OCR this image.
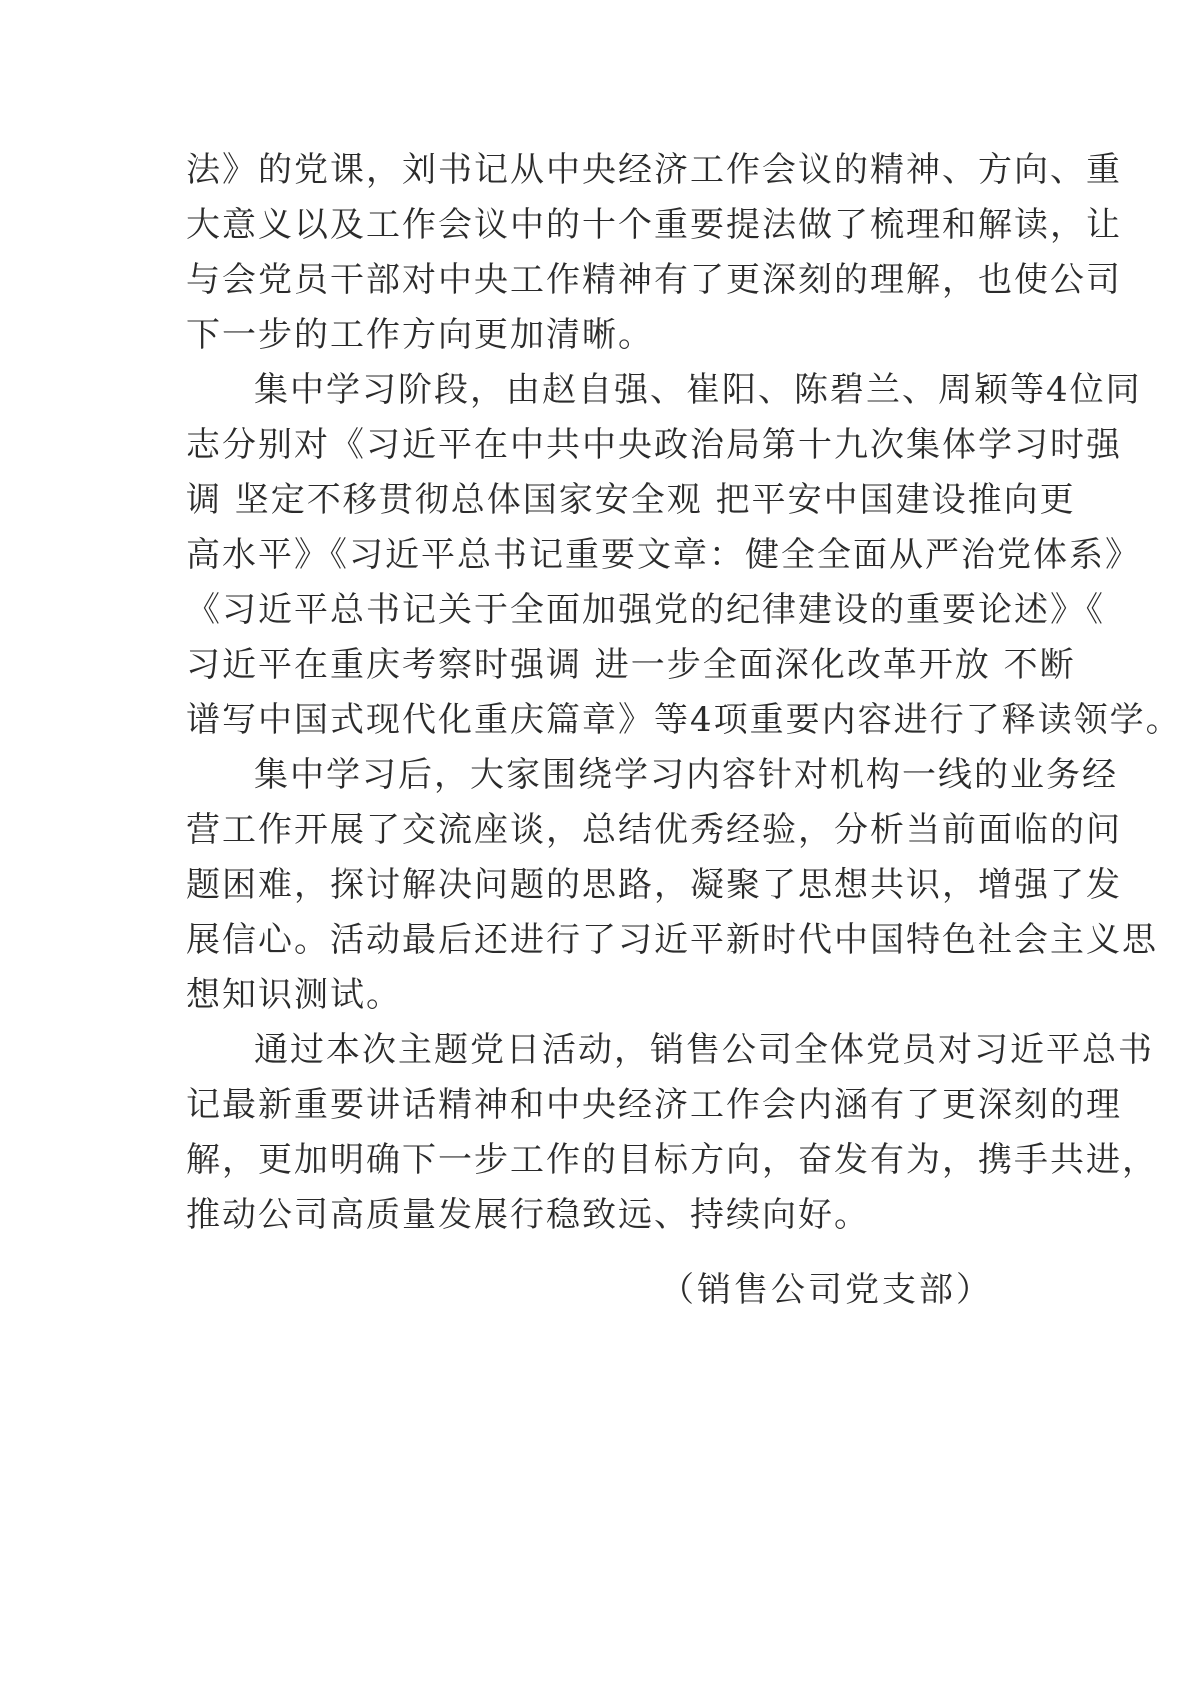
法》的党课，刘书记从中央经济工作会议的精神、方向、重
大意义以及工作会议中的十个重要提法做了梳理和解读，让
与会党员干部对中央工作精神有了更深刻的理解，也使公司
下一步的工作方向更加清晰。
集中学习阶段，由赵自强、崔阳、陈碧兰、周颖等4位同
志分别对《习近平在中共中央政治局第十九次集体学习时强
调 坚定不移贯彻总体国家安全观 把平安中国建设推向更
高水平》《习近平总书记重要文章：健全全面从严治党体系》
《习近平总书记关于全面加强党的纪律建设的重要论述》《
习近平在重庆考察时强调 进一步全面深化改革开放 不断
谱写中国式现代化重庆篇章》等4项重要内容进行了释读领学。
集中学习后，大家围绕学习内容针对机构一线的业务经
营工作开展了交流座谈，总结优秀经验，分析当前面临的问
题困难，探讨解决问题的思路，凝聚了思想共识，增强了发
展信心。活动最后还进行了习近平新时代中国特色社会主义思
想知识测试。
通过本次主题党日活动，销售公司全体党员对习近平总书
记最新重要讲话精神和中央经济工作会内涵有了更深刻的理
解，更加明确下一步工作的目标方向，奋发有为，携手共进，
推动公司高质量发展行稳致远、持续向好。
（销售公司党支部）
